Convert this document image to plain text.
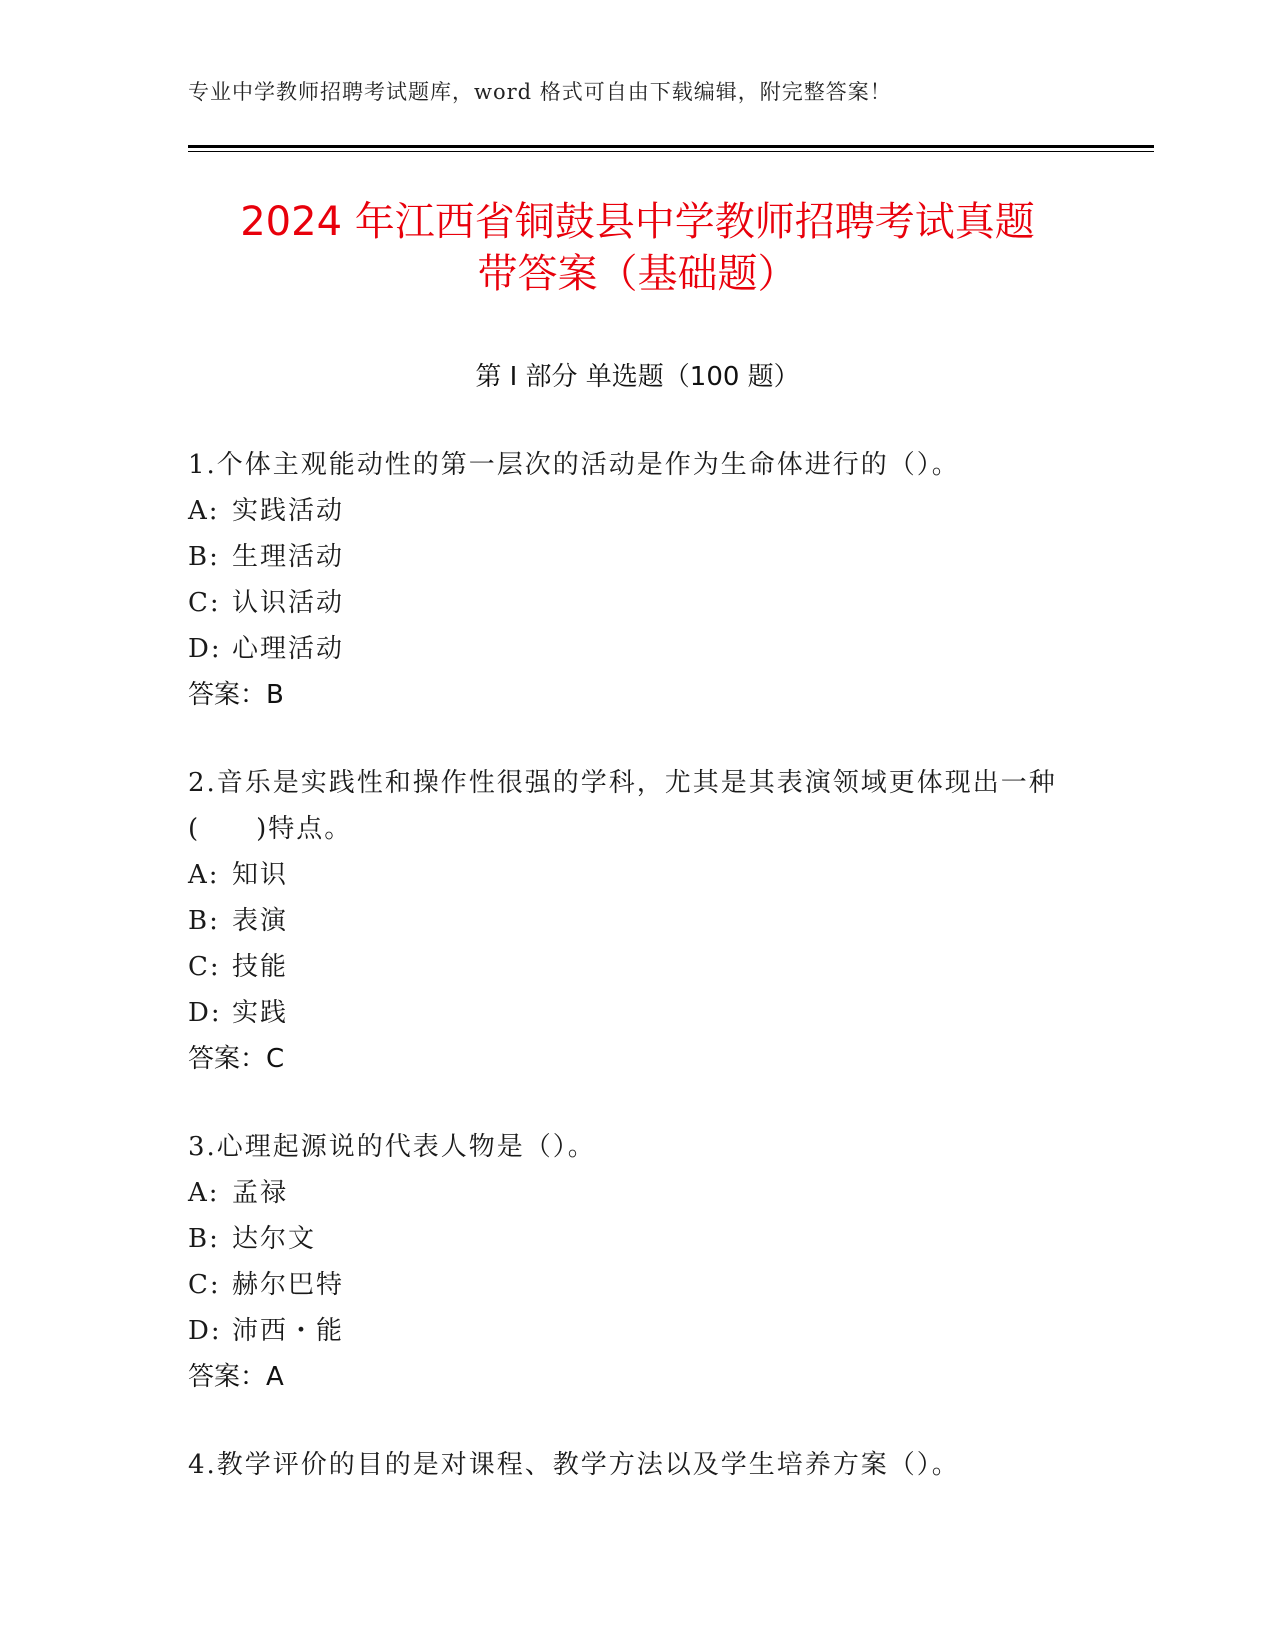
专业中学教师招聘考试题库，word 格式可自由下载编辑，附完整答案！
2024 年江西省铜鼓县中学教师招聘考试真题
带答案（基础题）
第 I 部分 单选题（100 题）
1.个体主观能动性的第一层次的活动是作为生命体进行的（）。
A: 实践活动
B: 生理活动
C: 认识活动
D: 心理活动
答案：B
2.音乐是实践性和操作性很强的学科，尤其是其表演领域更体现出一种(　　)特点。
A: 知识
B: 表演
C: 技能
D: 实践
答案：C
3.心理起源说的代表人物是（）。
A: 孟禄
B: 达尔文
C: 赫尔巴特
D: 沛西・能
答案：A
4.教学评价的目的是对课程、教学方法以及学生培养方案（）。
